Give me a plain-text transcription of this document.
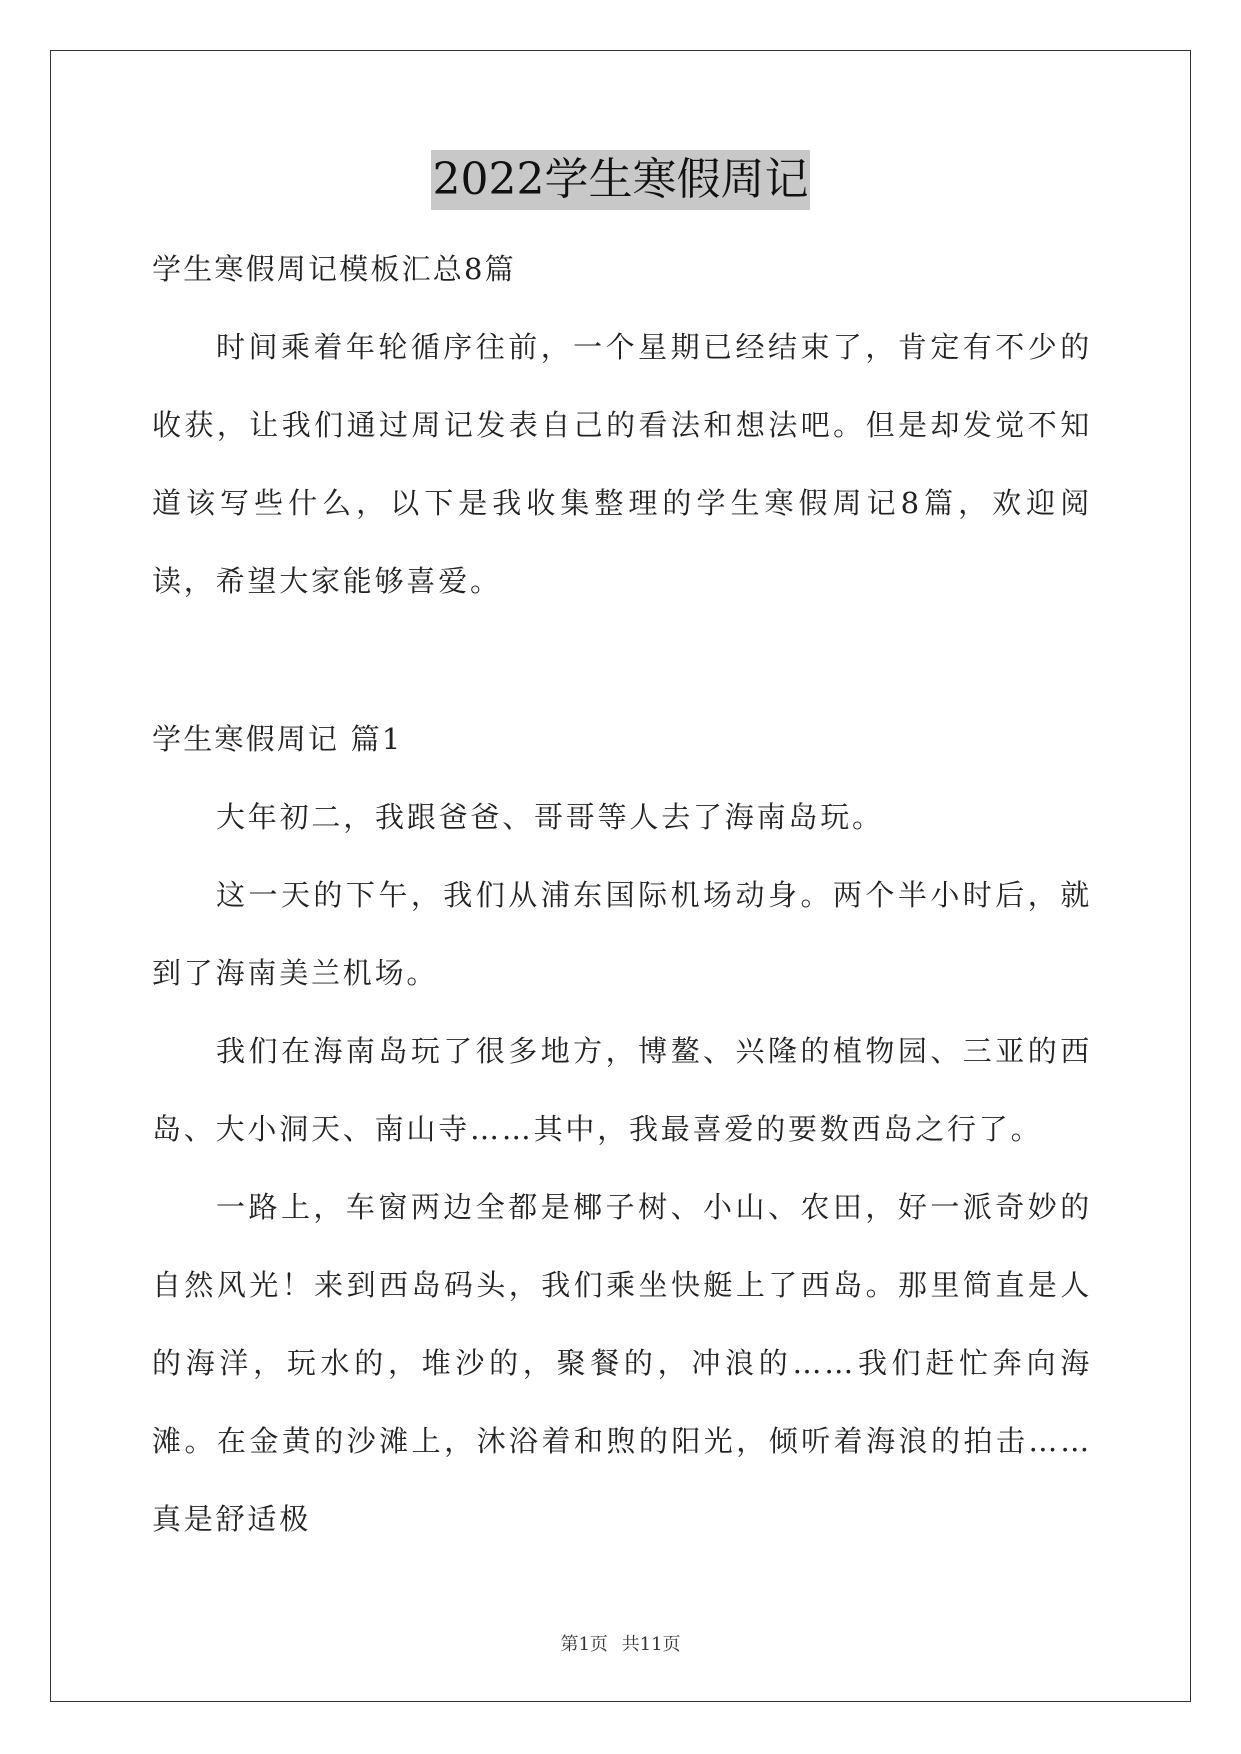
2022学生寒假周记

学生寒假周记模板汇总8篇

时间乘着年轮循序往前，一个星期已经结束了，肯定有不少的收获，让我们通过周记发表自己的看法和想法吧。但是却发觉不知道该写些什么，以下是我收集整理的学生寒假周记8篇，欢迎阅读，希望大家能够喜爱。

学生寒假周记 篇1

大年初二，我跟爸爸、哥哥等人去了海南岛玩。

这一天的下午，我们从浦东国际机场动身。两个半小时后，就到了海南美兰机场。

我们在海南岛玩了很多地方，博鳌、兴隆的植物园、三亚的西岛、大小洞天、南山寺……其中，我最喜爱的要数西岛之行了。

一路上，车窗两边全都是椰子树、小山、农田，好一派奇妙的自然风光！来到西岛码头，我们乘坐快艇上了西岛。那里简直是人的海洋，玩水的，堆沙的，聚餐的，冲浪的……我们赶忙奔向海滩。在金黄的沙滩上，沐浴着和煦的阳光，倾听着海浪的拍击……真是舒适极

第1页 共11页
